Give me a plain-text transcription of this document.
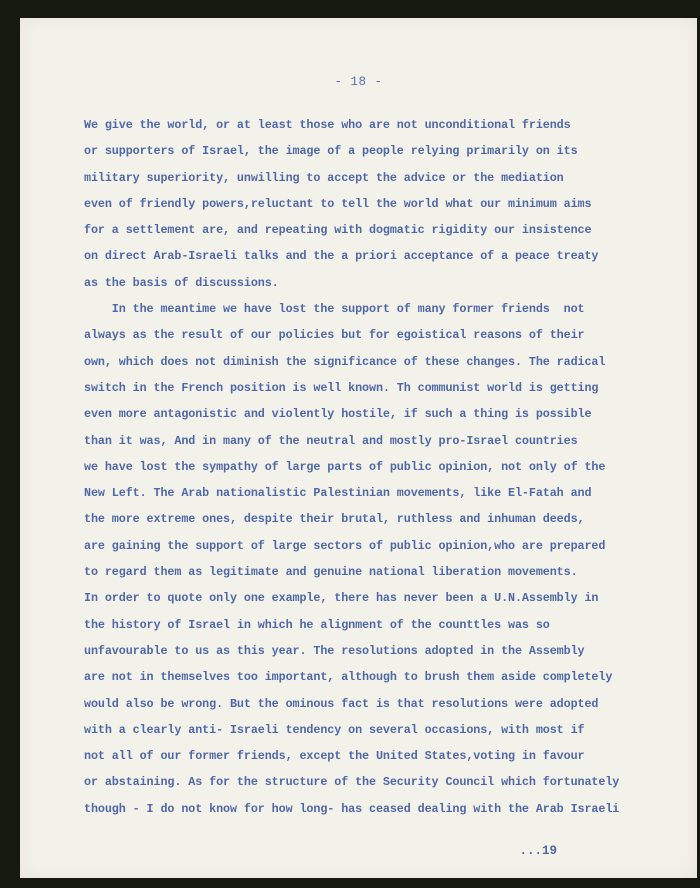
- 18 -
We give the world, or at least those who are not unconditional friends
or supporters of Israel, the image of a people relying primarily on its
military superiority, unwilling to accept the advice or the mediation
even of friendly powers,reluctant to tell the world what our minimum aims
for a settlement are, and repeating with dogmatic rigidity our insistence
on direct Arab-Israeli talks and the a priori acceptance of a peace treaty
as the basis of discussions.
In the meantime we have lost the support of many former friends  not
always as the result of our policies but for egoistical reasons of their
own, which does not diminish the significance of these changes. The radical
switch in the French position is well known. Th communist world is getting
even more antagonistic and violently hostile, if such a thing is possible
than it was, And in many of the neutral and mostly pro-Israel countries
we have lost the sympathy of large parts of public opinion, not only of the
New Left. The Arab nationalistic Palestinian movements, like El-Fatah and
the more extreme ones, despite their brutal, ruthless and inhuman deeds,
are gaining the support of large sectors of public opinion,who are prepared
to regard them as legitimate and genuine national liberation movements.
In order to quote only one example, there has never been a U.N.Assembly in
the history of Israel in which he alignment of the counttles was so
unfavourable to us as this year. The resolutions adopted in the Assembly
are not in themselves too important, although to brush them aside completely
would also be wrong. But the ominous fact is that resolutions were adopted
with a clearly anti- Israeli tendency on several occasions, with most if
not all of our former friends, except the United States,voting in favour
or abstaining. As for the structure of the Security Council which fortunately
though - I do not know for how long- has ceased dealing with the Arab Israeli
...19
